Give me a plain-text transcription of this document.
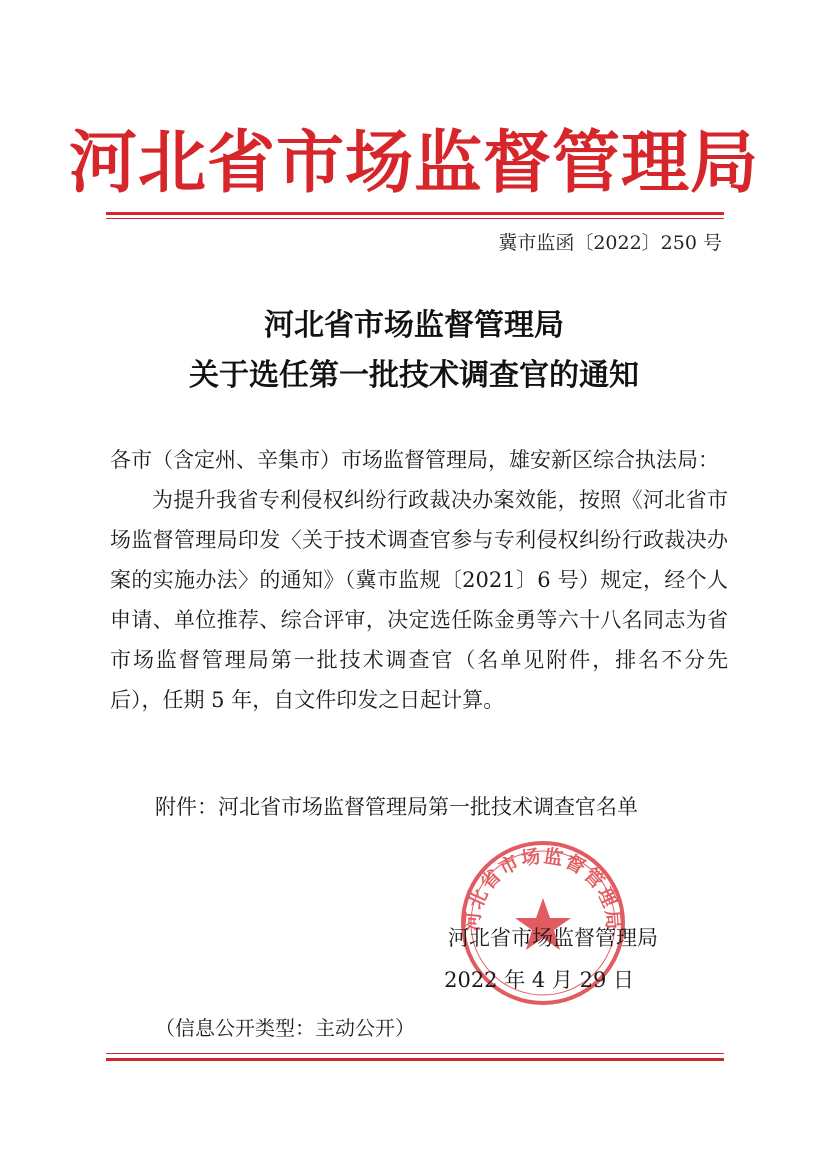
河北省市场监督管理局
冀市监函〔2022〕250 号
河北省市场监督管理局
关于选任第一批技术调查官的通知
各市（含定州、辛集市）市场监督管理局，雄安新区综合执法局：
为提升我省专利侵权纠纷行政裁决办案效能，按照《河北省市场监督管理局印发〈关于技术调查官参与专利侵权纠纷行政裁决办案的实施办法〉的通知》（冀市监规〔2021〕6 号）规定，经个人申请、单位推荐、综合评审，决定选任陈金勇等六十八名同志为省市场监督管理局第一批技术调查官（名单见附件，排名不分先后），任期 5 年，自文件印发之日起计算。
附件：河北省市场监督管理局第一批技术调查官名单
河北省市场监督管理局
河北省市场监督管理局
2022 年 4 月 29 日
（信息公开类型：主动公开）
